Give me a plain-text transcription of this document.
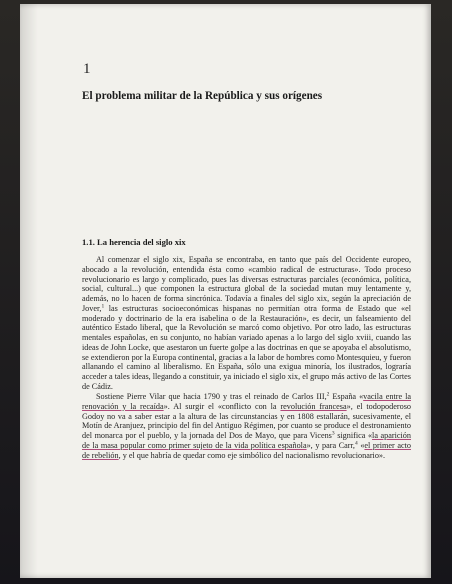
1
El problema militar de la República y sus orígenes
1.1. La herencia del siglo xix

Al comenzar el siglo xix, España se encontraba, en tanto que país del Occidente europeo, abocado a la revolución, entendida ésta como «cambio radical de estructuras». Todo proceso revolucionario es largo y complicado, pues las diversas estructuras parciales (económica, política, social, cultural...) que componen la estructura global de la sociedad mutan muy lentamente y, además, no lo hacen de forma sincrónica. Todavía a finales del siglo xix, según la apreciación de Jover,$^1$ las estructuras socioeconómicas hispanas no permitían otra forma de Estado que «el moderado y doctrinario de la era isabelina o de la Restauración», es decir, un falseamiento del auténtico Estado liberal, que la Revolución se marcó como objetivo. Por otro lado, las estructuras mentales españolas, en su conjunto, no habían variado apenas a lo largo del siglo xviii, cuando las ideas de John Locke, que asestaron un fuerte golpe a las doctrinas en que se apoyaba el absolutismo, se extendieron por la Europa continental, gracias a la labor de hombres como Montesquieu, y fueron allanando el camino al liberalismo. En España, sólo una exigua minoría, los ilustrados, lograría acceder a tales ideas, llegando a constituir, ya iniciado el siglo xix, el grupo más activo de las Cortes de Cádiz.

Sostiene Pierre Vilar que hacia 1790 y tras el reinado de Carlos III,$^2$ España «vacila entre la renovación y la recaída». Al surgir el «conflicto con la revolución francesa», el todopoderoso Godoy no va a saber estar a la altura de las circunstancias y en 1808 estallarán, sucesivamente, el Motín de Aranjuez, principio del fin del Antiguo Régimen, por cuanto se produce el destronamiento del monarca por el pueblo, y la jornada del Dos de Mayo, que para Vicens$^3$ significa «la aparición de la masa popular como primer sujeto de la vida política española», y para Carr,$^4$ «el primer acto de rebelión, y el que habría de quedar como eje simbólico del nacionalismo revolucionario».
